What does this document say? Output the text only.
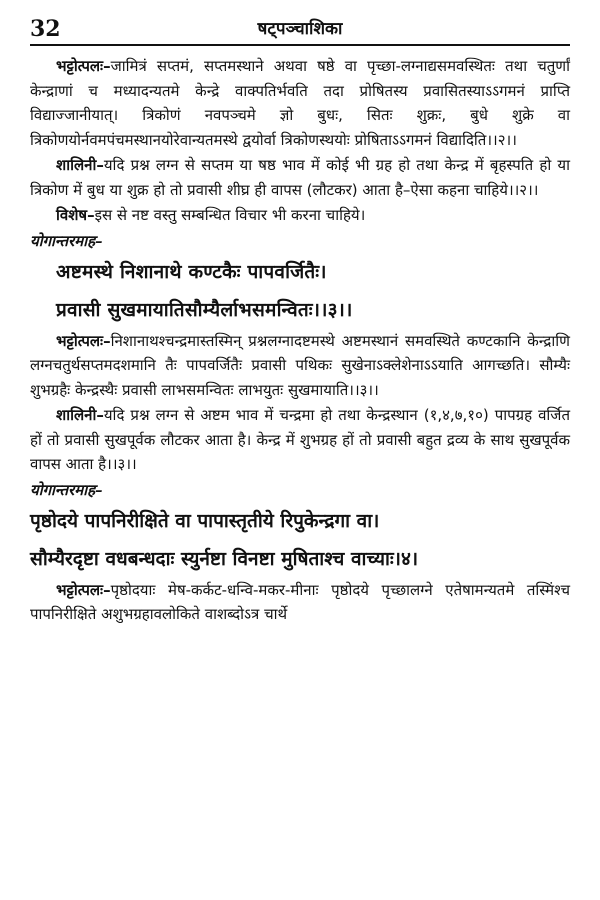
32	षट्पञ्चाशिका

भट्टोत्पलः–जामित्रं सप्तमं, सप्तमस्थाने अथवा षष्ठे वा पृच्छा-लग्नाद्यसमवस्थितः तथा चतुर्णां केन्द्राणां च मध्यादन्यतमे केन्द्रे वाक्पतिर्भवति तदा प्रोषितस्य प्रवासितस्याऽऽगमनं प्राप्ति विद्याज्जानीयात्। त्रिकोणं नवपञ्चमे ज्ञो बुधः, सितः शुक्रः, बुधे शुक्रे वा त्रिकोणयोर्नवमपंचमस्थानयोरेवान्यतमस्थे द्वयोर्वा त्रिकोणस्थयोः प्रोषिताऽऽगमनं विद्यादिति।।२।।

शालिनी–यदि प्रश्न लग्न से सप्तम या षष्ठ भाव में कोई भी ग्रह हो तथा केन्द्र में बृहस्पति हो या त्रिकोण में बुध या शुक्र हो तो प्रवासी शीघ्र ही वापस (लौटकर) आता है–ऐसा कहना चाहिये।।२।।

विशेष–इस से नष्ट वस्तु सम्बन्धित विचार भी करना चाहिये।

योगान्तरमाह–

अष्टमस्थे निशानाथे कण्टकैः पापवर्जितैः।

प्रवासी सुखमायातिसौम्यैर्लाभसमन्वितः।।३।।

भट्टोत्पलः–निशानाथश्चन्द्रमास्तस्मिन् प्रश्नलग्नादष्टमस्थे अष्टमस्थानं समवस्थिते कण्टकानि केन्द्राणि लग्नचतुर्थसप्तमदशमानि तैः पापवर्जितैः प्रवासी पथिकः सुखेनाऽक्लेशेनाऽऽयाति आगच्छति। सौम्यैः शुभग्रहैः केन्द्रस्थैः प्रवासी लाभसमन्वितः लाभयुतः सुखमायाति।।३।।

शालिनी–यदि प्रश्न लग्न से अष्टम भाव में चन्द्रमा हो तथा केन्द्रस्थान (१,४,७,१०) पापग्रह वर्जित हों तो प्रवासी सुखपूर्वक लौटकर आता है। केन्द्र में शुभग्रह हों तो प्रवासी बहुत द्रव्य के साथ सुखपूर्वक वापस आता है।।३।।

योगान्तरमाह–

पृष्ठोदये पापनिरीक्षिते वा पापास्तृतीये रिपुकेन्द्रगा वा।

सौम्यैरदृष्टा वधबन्धदाः स्युर्नष्टा विनष्टा मुषिताश्च वाच्याः।४।

भट्टोत्पलः–पृष्ठोदयाः मेष-कर्कट-धन्वि-मकर-मीनाः पृष्ठोदये पृच्छालग्ने एतेषामन्यतमे तस्मिंश्च पापनिरीक्षिते अशुभग्रहावलोकिते वाशब्दोऽत्र चार्थे
